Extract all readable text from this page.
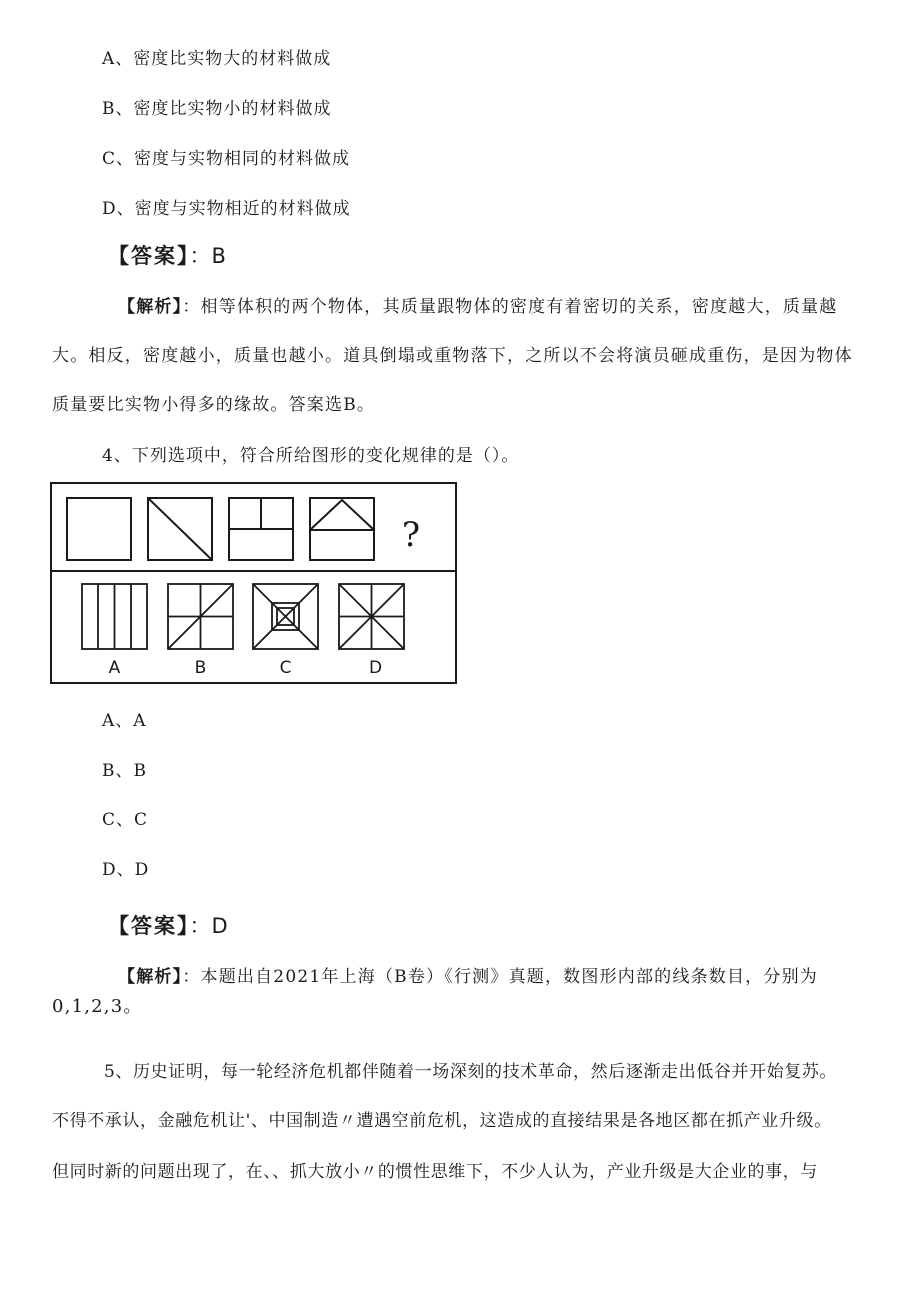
A、密度比实物大的材料做成
B、密度比实物小的材料做成
C、密度与实物相同的材料做成
D、密度与实物相近的材料做成
【答案】：B
【解析】：相等体积的两个物体，其质量跟物体的密度有着密切的关系，密度越大，质量越
大。相反，密度越小，质量也越小。道具倒塌或重物落下，之所以不会将演员砸成重伤，是因为物体
质量要比实物小得多的缘故。答案选B。
4、下列选项中，符合所给图形的变化规律的是（）。
?
A	B	C	D
A、A
B、B
C、C
D、D
【答案】：D
【解析】：本题出自2021年上海（B卷）《行测》真题，数图形内部的线条数目，分别为
0,1,2,3。
5、历史证明，每一轮经济危机都伴随着一场深刻的技术革命，然后逐渐走出低谷并开始复苏。
不得不承认，金融危机让'、中国制造〃遭遇空前危机，这造成的直接结果是各地区都在抓产业升级。
但同时新的问题出现了，在、、抓大放小〃的惯性思维下，不少人认为，产业升级是大企业的事，与
